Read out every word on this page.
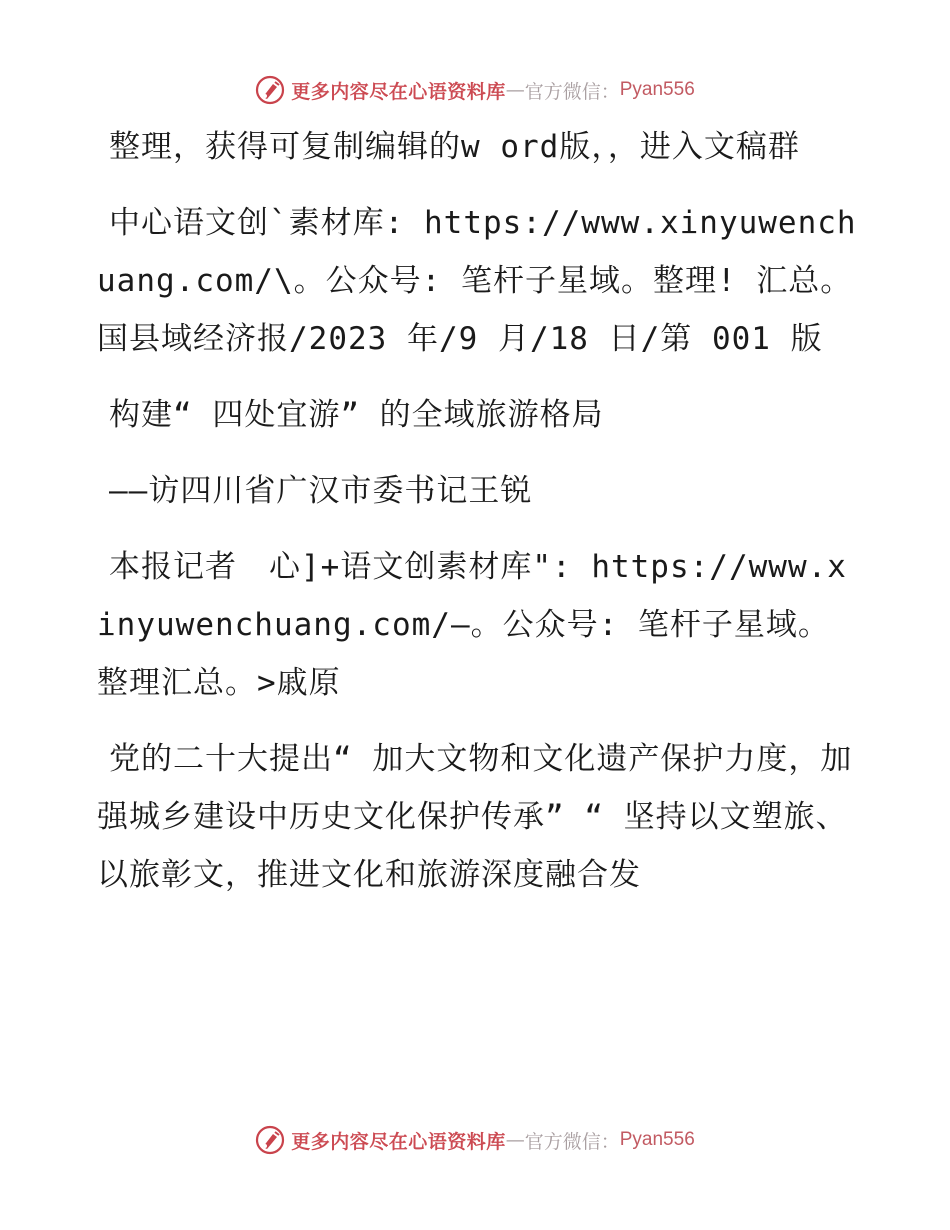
更多内容尽在心语资料库 — 官方微信： Pyan556

整理，获得可复制编辑的w ord版，，进入文稿群

中心语文创`素材库: https://www.xinyuwenchuang.com/\。公众号: 笔杆子星域。整理! 汇总。国县域经济报/2023 年/9 月/18 日/第 001 版

构建“ 四处宜游” 的全域旅游格局

——访四川省广汉市委书记王锐

本报记者　心]+语文创素材库": https://www.xinyuwenchuang.com/—。公众号: 笔杆子星域。整理汇总。>戚原

党的二十大提出“ 加大文物和文化遗产保护力度，加强城乡建设中历史文化保护传承” “ 坚持以文塑旅、以旅彰文，推进文化和旅游深度融合发

更多内容尽在心语资料库 — 官方微信： Pyan556
